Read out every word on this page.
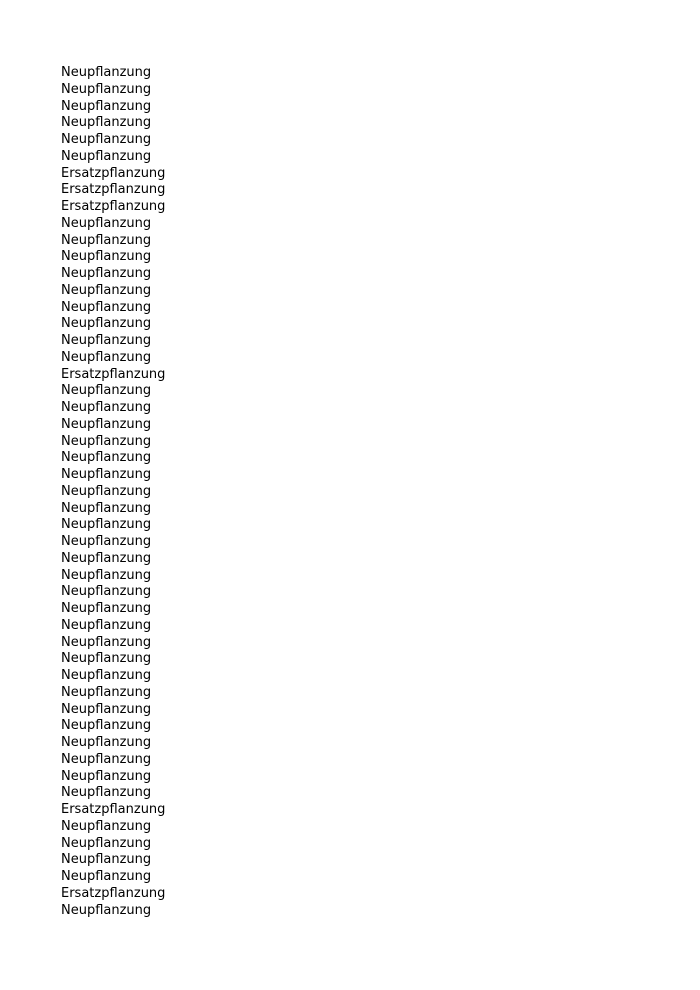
Neupflanzung
Neupflanzung
Neupflanzung
Neupflanzung
Neupflanzung
Neupflanzung
Ersatzpflanzung
Ersatzpflanzung
Ersatzpflanzung
Neupflanzung
Neupflanzung
Neupflanzung
Neupflanzung
Neupflanzung
Neupflanzung
Neupflanzung
Neupflanzung
Neupflanzung
Ersatzpflanzung
Neupflanzung
Neupflanzung
Neupflanzung
Neupflanzung
Neupflanzung
Neupflanzung
Neupflanzung
Neupflanzung
Neupflanzung
Neupflanzung
Neupflanzung
Neupflanzung
Neupflanzung
Neupflanzung
Neupflanzung
Neupflanzung
Neupflanzung
Neupflanzung
Neupflanzung
Neupflanzung
Neupflanzung
Neupflanzung
Neupflanzung
Neupflanzung
Neupflanzung
Ersatzpflanzung
Neupflanzung
Neupflanzung
Neupflanzung
Neupflanzung
Ersatzpflanzung
Neupflanzung
